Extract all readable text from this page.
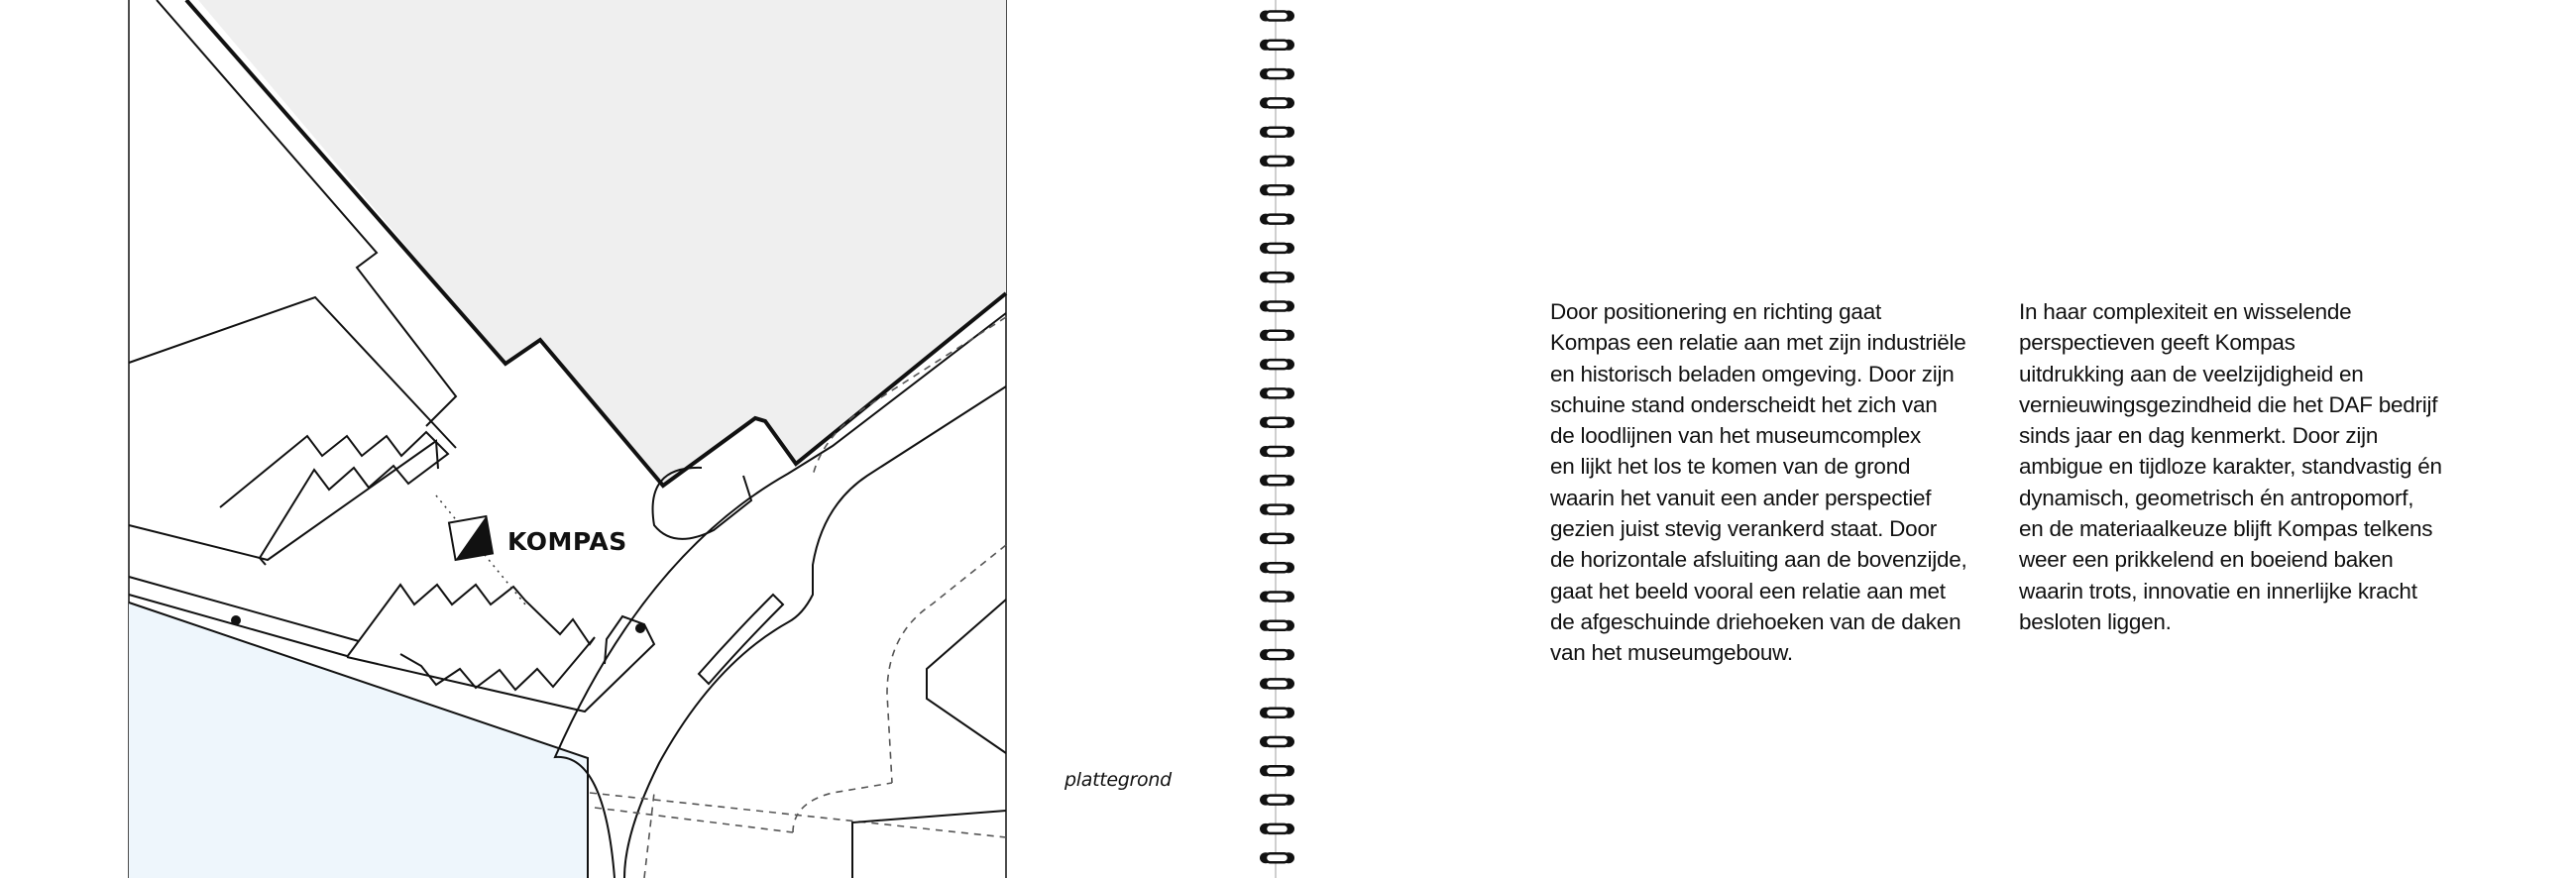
KOMPAS
plattegrond
Door positionering en richting gaat
Kompas een relatie aan met zijn industriële
en historisch beladen omgeving. Door zijn
schuine stand onderscheidt het zich van
de loodlijnen van het museumcomplex
en lijkt het los te komen van de grond
waarin het vanuit een ander perspectief
gezien juist stevig verankerd staat. Door
de horizontale afsluiting aan de bovenzijde,
gaat het beeld vooral een relatie aan met
de afgeschuinde driehoeken van de daken
van het museumgebouw.
In haar complexiteit en wisselende
perspectieven geeft Kompas
uitdrukking aan de veelzijdigheid en
vernieuwingsgezindheid die het DAF bedrijf
sinds jaar en dag kenmerkt. Door zijn
ambigue en tijdloze karakter, standvastig én
dynamisch, geometrisch én antropomorf,
en de materiaalkeuze blijft Kompas telkens
weer een prikkelend en boeiend baken
waarin trots, innovatie en innerlijke kracht
besloten liggen.
